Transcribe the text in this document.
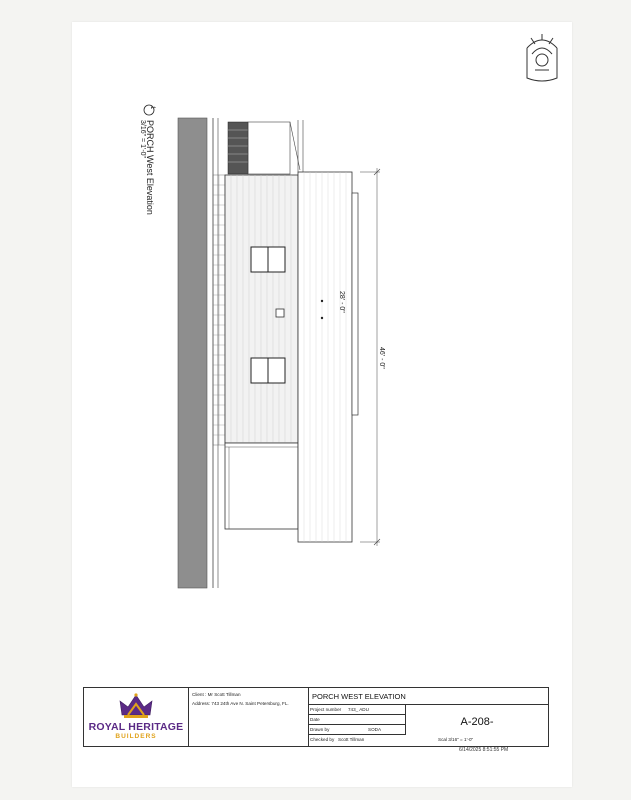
1
PORCH West Elevation
3/16" = 1'-0"
28' - 0"
46' - 0"
ROYAL HERITAGE
BUILDERS
Client : Mr Scott Tillman
Address: 743 24th Ave N. Saint Petersburg, FL.
PORCH WEST ELEVATION
Project number 743_ ADU
Date
Drawn by	SODA
Checked by Scott Tillman	Scal 3/16" = 1'-0"
A-208-
6/14/2025 8:51:55 PM
